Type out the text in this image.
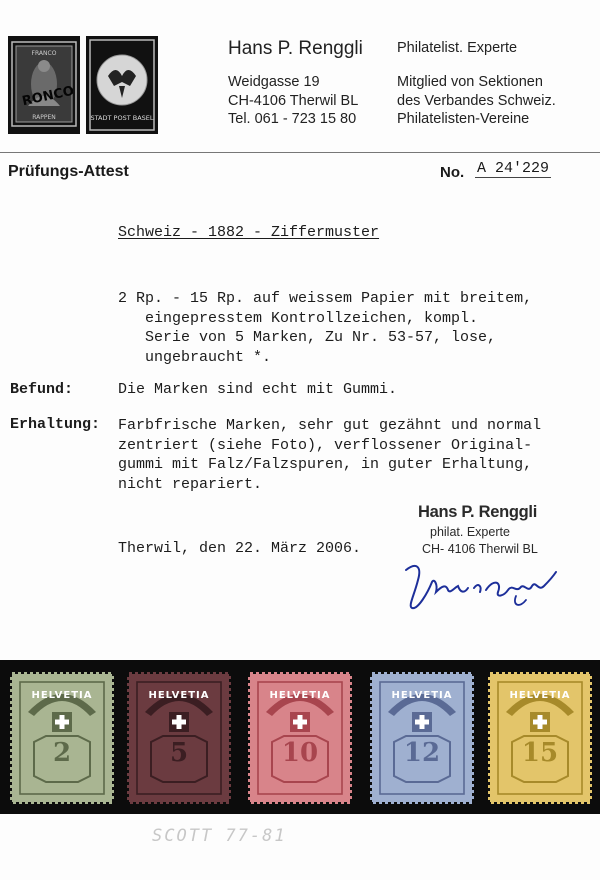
FRANCO
RAPPEN
RONCO
STADT POST BASEL
Hans P. Renggli Philatelist. Experte
Weidgasse 19
CH-4106 Therwil BL
Tel. 061 - 723 15 80
Mitglied von Sektionen
des Verbandes Schweiz.
Philatelisten-Vereine
Prüfungs-Attest	No. A 24'229
Schweiz - 1882 - Ziffermuster
2 Rp. - 15 Rp. auf weissem Papier mit breitem,
eingepresstem Kontrollzeichen, kompl.
Serie von 5 Marken, Zu Nr. 53-57, lose,
ungebraucht *.
Befund:	Die Marken sind echt mit Gummi.
Erhaltung: Farbfrische Marken, sehr gut gezähnt und normal
zentriert (siehe Foto), verflossener Original-
gummi mit Falz/Falzspuren, in guter Erhaltung,
nicht repariert.
Therwil, den 22. März 2006.
Hans P. Renggli
philat. Experte
CH- 4106 Therwil BL
HELVETIA
2
HELVETIA
5
HELVETIA
10
HELVETIA
12
HELVETIA
15
SCOTT 77-81
